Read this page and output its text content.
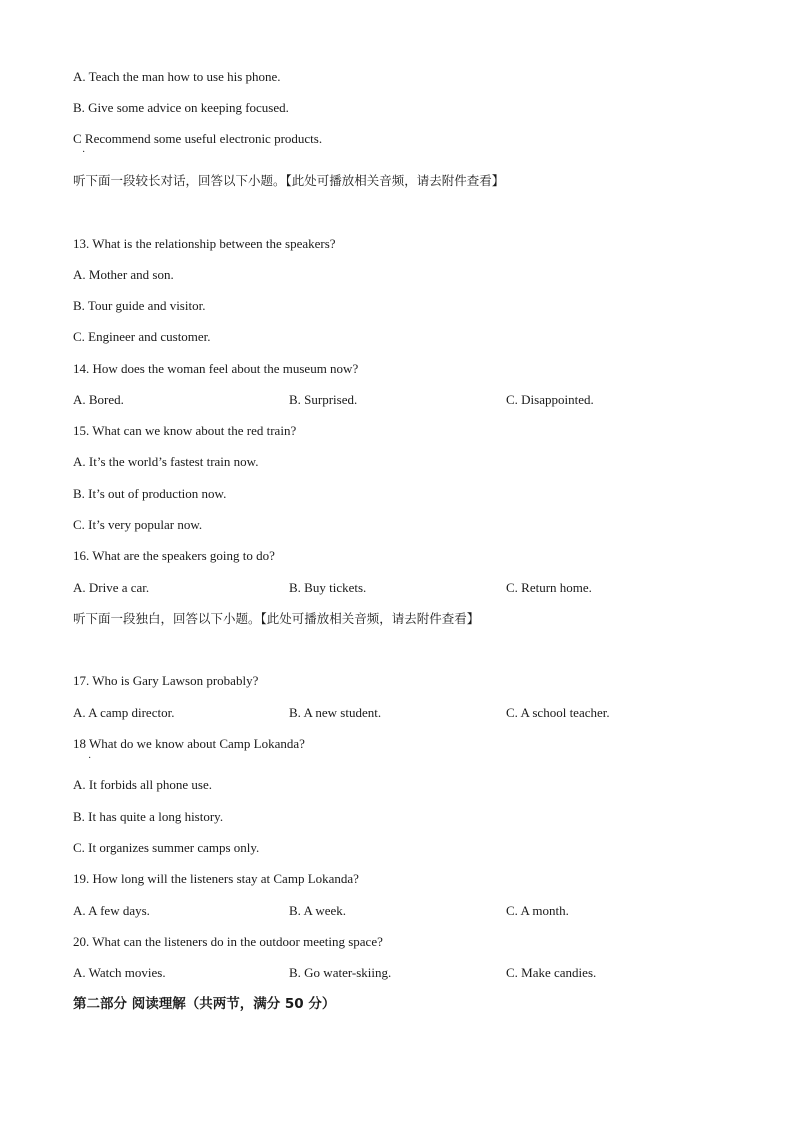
A. Teach the man how to use his phone.
B. Give some advice on keeping focused.
C Recommend some useful electronic products.
·
听下面一段较长对话，回答以下小题。【此处可播放相关音频，请去附件查看】
13. What is the relationship between the speakers?
A. Mother and son.
B. Tour guide and visitor.
C. Engineer and customer.
14. How does the woman feel about the museum now?
A. Bored.	B. Surprised.	C. Disappointed.
15. What can we know about the red train?
A. It’s the world’s fastest train now.
B. It’s out of production now.
C. It’s very popular now.
16. What are the speakers going to do?
A. Drive a car.	B. Buy tickets.	C. Return home.
听下面一段独白，回答以下小题。【此处可播放相关音频，请去附件查看】
17. Who is Gary Lawson probably?
A. A camp director.	B. A new student.	C. A school teacher.
18 What do we know about Camp Lokanda?
·
A. It forbids all phone use.
B. It has quite a long history.
C. It organizes summer camps only.
19. How long will the listeners stay at Camp Lokanda?
A. A few days.	B. A week.	C. A month.
20. What can the listeners do in the outdoor meeting space?
A. Watch movies.	B. Go water-skiing.	C. Make candies.
第二部分 阅读理解（共两节，满分 50 分）
